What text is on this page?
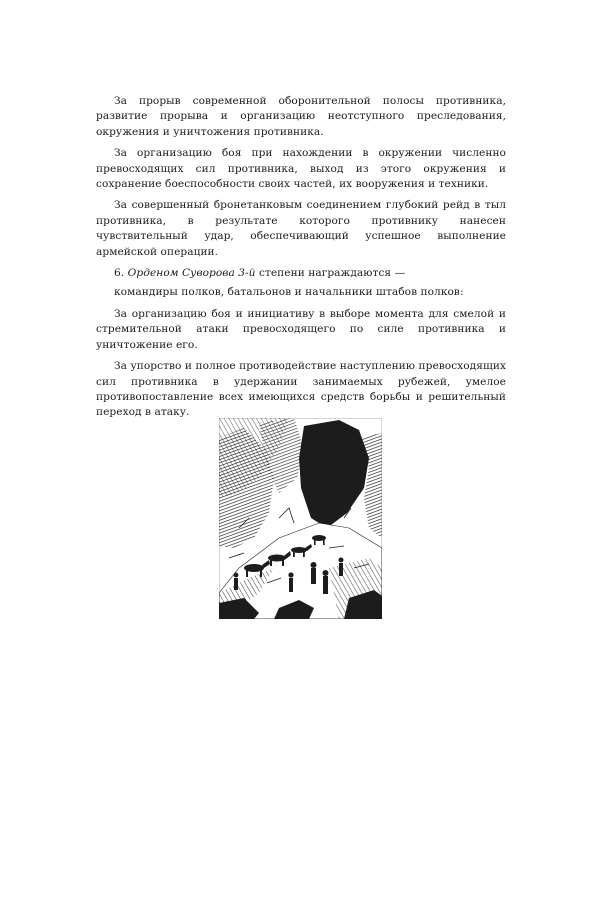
За прорыв современной оборонительной полосы противника, развитие прорыва и организацию неотступного преследования, окружения и уничтожения противника.

За организацию боя при нахождении в окружении численно превосходящих сил противника, выход из этого окружения и сохранение боеспособности своих частей, их вооружения и техники.

За совершенный бронетанковым соединением глубокий рейд в тыл противника, в результате которого противнику нанесен чувствительный удар, обеспечивающий успешное выполнение армейской операции.

6. Орденом Суворова 3-й степени награждаются —

командиры полков, батальонов и начальники штабов полков:

За организацию боя и инициативу в выборе момента для смелой и стремительной атаки превосходящего по силе противника и уничтожение его.

За упорство и полное противодействие наступлению превосходящих сил противника в удержании занимаемых рубежей, умелое противопоставление всех имеющихся средств борьбы и решительный переход в атаку.
